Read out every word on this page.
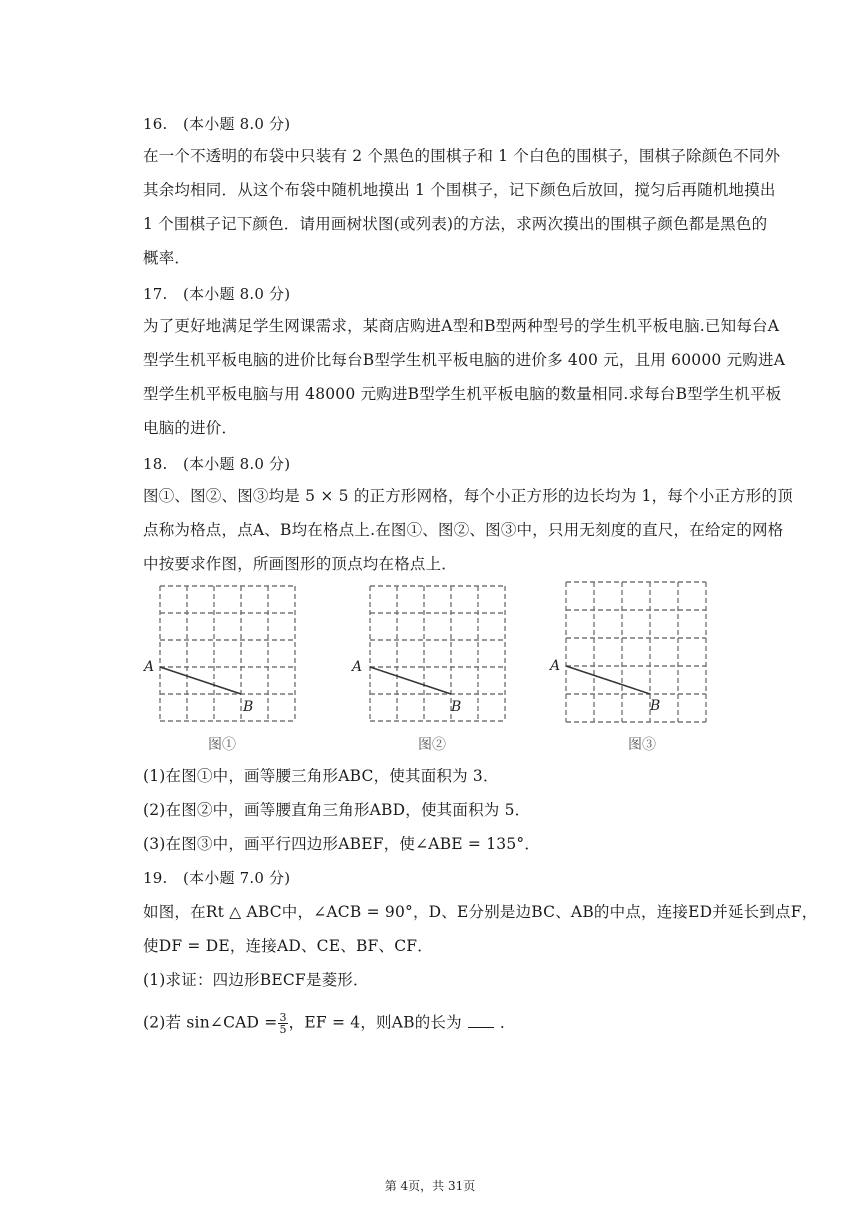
16. (本小题 8.0 分)
在一个不透明的布袋中只装有 2 个黑色的围棋子和 1 个白色的围棋子，围棋子除颜色不同外
其余均相同．从这个布袋中随机地摸出 1 个围棋子，记下颜色后放回，搅匀后再随机地摸出
1 个围棋子记下颜色．请用画树状图(或列表)的方法，求两次摸出的围棋子颜色都是黑色的
概率．
17. (本小题 8.0 分)
为了更好地满足学生网课需求，某商店购进A型和B型两种型号的学生机平板电脑.已知每台A
型学生机平板电脑的进价比每台B型学生机平板电脑的进价多 400 元，且用 60000 元购进A
型学生机平板电脑与用 48000 元购进B型学生机平板电脑的数量相同.求每台B型学生机平板
电脑的进价．
18. (本小题 8.0 分)
图①、图②、图③均是 5 × 5 的正方形网格，每个小正方形的边长均为 1，每个小正方形的顶
点称为格点，点A、B均在格点上.在图①、图②、图③中，只用无刻度的直尺，在给定的网格
中按要求作图，所画图形的顶点均在格点上．
A
B
图①
A
B
图②
A
B
图③
(1)在图①中，画等腰三角形ABC，使其面积为 3．
(2)在图②中，画等腰直角三角形ABD，使其面积为 5．
(3)在图③中，画平行四边形ABEF，使∠ABE = 135°．
19. (本小题 7.0 分)
如图，在Rt △ ABC中，∠ACB = 90°，D、E分别是边BC、AB的中点，连接ED并延长到点F，
使DF = DE，连接AD、CE、BF、CF．
(1)求证：四边形BECF是菱形．
(2)若 sin∠CAD = $\frac{3}{5}$ ，EF = 4，则AB的长为 ．
第 4页，共 31页
